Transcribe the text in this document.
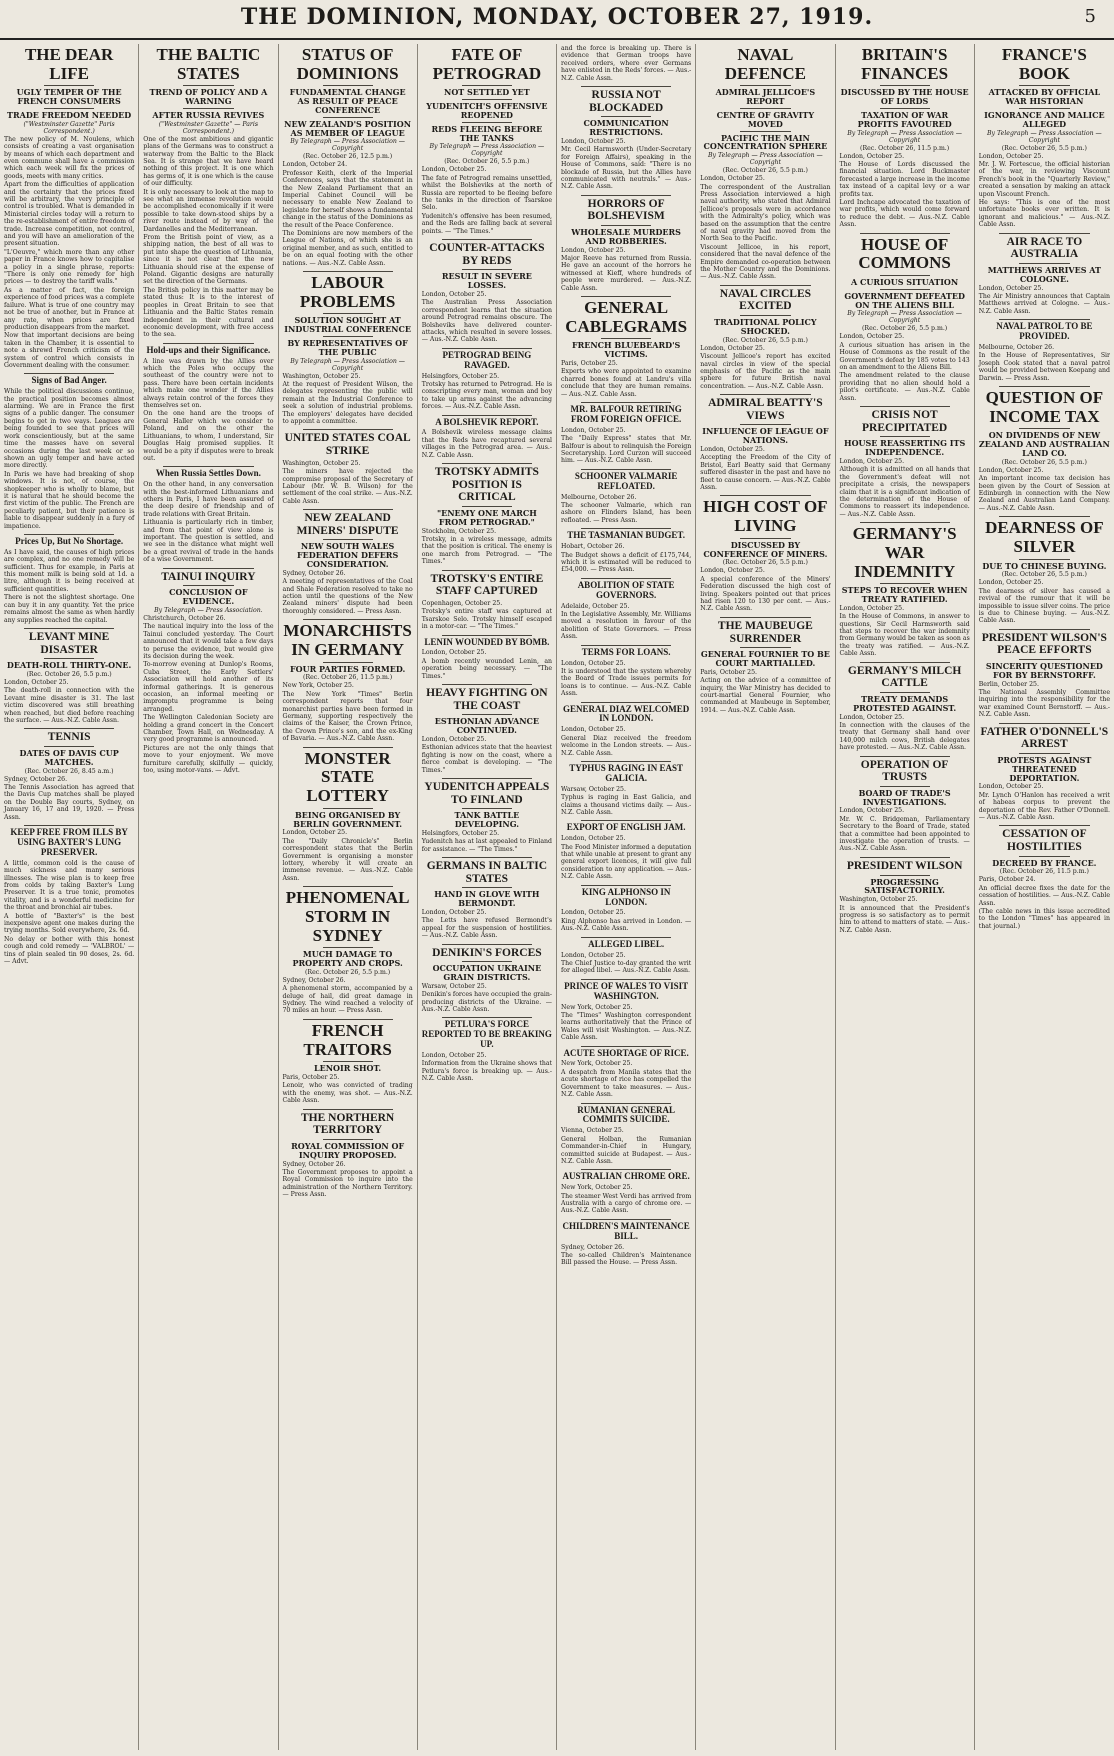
THE DOMINION, MONDAY, OCTOBER 27, 1919.	5
THE DEAR LIFE
UGLY TEMPER OF THE FRENCH CONSUMERS
TRADE FREEDOM NEEDED
("Westminster Gazette" Paris Correspondent.)

The new policy of M. Noulens, which consists of creating a vast organisation by means of which each department and even commune shall have a commission which each week will fix the prices of goods, meets with many critics.

Apart from the difficulties of application and the certainty that the prices fixed will be arbitrary, the very principle of control is troubled. What is demanded in Ministerial circles today will a return to the re-establishment of entire freedom of trade. Increase competition, not control, and you will have an amelioration of the present situation.

"L'Oeuvre," which more than any other paper in France knows how to capitalise a policy in a single phrase, reports: "There is only one remedy for high prices — to destroy the tariff walls."

As a matter of fact, the foreign experience of food prices was a complete failure. What is true of one country may not be true of another, but in France at any rate, when prices are fixed production disappears from the market.

Now that important decisions are being taken in the Chamber, it is essential to note a shrewd French criticism of the system of control which consists in Government dealing with the consumer.

Signs of Bad Anger.

While the political discussions continue, the practical position becomes almost alarming. We are in France the first signs of a public danger. The consumer begins to get in two ways. Leagues are being founded to see that prices will work conscientiously, but at the same time the masses have on several occasions during the last week or so shown an ugly temper and have acted more directly.

In Paris we have had breaking of shop windows. It is not, of course, the shopkeeper who is wholly to blame, but it is natural that he should become the first victim of the public. The French are peculiarly patient, but their patience is liable to disappear suddenly in a fury of impatience.

Prices Up, But No Shortage.

As I have said, the causes of high prices are complex, and no one remedy will be sufficient. Thus for example, in Paris at this moment milk is being sold at 1d. a litre, although it is being received at sufficient quantities.

There is not the slightest shortage. One can buy it in any quantity. Yet the price remains almost the same as when hardly any supplies reached the capital.

LEVANT MINE DISASTER
DEATH-ROLL THIRTY-ONE.
(Rec. October 26, 5.5 p.m.)

London, October 25.

The death-roll in connection with the Levant mine disaster is 31. The last victim discovered was still breathing when reached, but died before reaching the surface. — Aus.-N.Z. Cable Assn.

TENNIS
DATES OF DAVIS CUP MATCHES.
(Rec. October 26, 8.45 a.m.)

Sydney, October 26.

The Tennis Association has agreed that the Davis Cup matches shall be played on the Double Bay courts, Sydney, on January 16, 17 and 19, 1920. — Press Assn.

KEEP FREE FROM ILLS BY USING BAXTER'S LUNG PRESERVER.

A little, common cold is the cause of much sickness and many serious illnesses. The wise plan is to keep free from colds by taking Baxter's Lung Preserver. It is a true tonic, promotes vitality, and is a wonderful medicine for the throat and bronchial air tubes.

A bottle of "Baxter's" is the best inexpensive agent one makes during the trying months. Sold everywhere, 2s. 6d.

No delay or bother with this honest cough and cold remedy — 'VALBROL' — tins of plain sealed tin 90 doses, 2s. 6d. — Advt.

THE BALTIC STATES
TREND OF POLICY AND A WARNING
AFTER RUSSIA REVIVES
("Westminster Gazette" — Paris Correspondent.)

One of the most ambitious and gigantic plans of the Germans was to construct a waterway from the Baltic to the Black Sea. It is strange that we have heard nothing of this project. It is one which has germs of, it is one which is the cause of our difficulty.

It is only necessary to look at the map to see what an immense revolution would be accomplished economically if it were possible to take down-stood ships by a river route instead of by way of the Dardanelles and the Mediterranean.

From the British point of view, as a shipping nation, the best of all was to put into shape the question of Lithuania, since it is not clear that the new Lithuania should rise at the expense of Poland. Gigantic designs are naturally set the direction of the Germans.

The British policy in this matter may be stated thus: It is to the interest of peoples in Great Britain to see that Lithuania and the Baltic States remain independent in their cultural and economic development, with free access to the sea.

Hold-ups and their Significance.

A line was drawn by the Allies over which the Poles who occupy the southeast of the country were not to pass. There have been certain incidents which make one wonder if the Allies always retain control of the forces they themselves set on.

On the one hand are the troops of General Haller which we consider to Poland, and on the other the Lithuanians, to whom, I understand, Sir Douglas Haig promised supplies. It would be a pity if disputes were to break out.

When Russia Settles Down.

On the other hand, in any conversation with the best-informed Lithuanians and others in Paris, I have been assured of the deep desire of friendship and of trade relations with Great Britain.

Lithuania is particularly rich in timber, and from that point of view alone is important. The question is settled, and we see in the distance what might well be a great revival of trade in the hands of a wise Government.

TAINUI INQUIRY
CONCLUSION OF EVIDENCE.
By Telegraph — Press Association.

Christchurch, October 26.

The nautical inquiry into the loss of the Tainui concluded yesterday. The Court announced that it would take a few days to peruse the evidence, but would give its decision during the week.

To-morrow evening at Dunlop's Rooms, Cuba Street, the Early Settlers' Association will hold another of its informal gatherings. It is generous occasion, an informal meeting or impromptu programme is being arranged.

The Wellington Caledonian Society are holding a grand concert in the Concert Chamber, Town Hall, on Wednesday. A very good programme is announced.

Pictures are not the only things that move to your enjoyment. We move furniture carefully, skilfully — quickly, too, using motor-vans. — Advt.

STATUS OF DOMINIONS
FUNDAMENTAL CHANGE AS RESULT OF PEACE CONFERENCE
NEW ZEALAND'S POSITION AS MEMBER OF LEAGUE
By Telegraph — Press Association — Copyright
(Rec. October 26, 12.5 p.m.)

London, October 24.

Professor Keith, clerk of the Imperial Conferences, says that the statement in the New Zealand Parliament that an Imperial Cabinet Council will be necessary to enable New Zealand to legislate for herself shows a fundamental change in the status of the Dominions as the result of the Peace Conference.

The Dominions are now members of the League of Nations, of which she is an original member, and as such, entitled to be on an equal footing with the other nations. — Aus.-N.Z. Cable Assn.

LABOUR PROBLEMS
SOLUTION SOUGHT AT INDUSTRIAL CONFERENCE
BY REPRESENTATIVES OF THE PUBLIC
By Telegraph — Press Association — Copyright

Washington, October 25.

At the request of President Wilson, the delegates representing the public will remain at the Industrial Conference to seek a solution of industrial problems. The employers' delegates have decided to appoint a committee.

UNITED STATES COAL STRIKE

Washington, October 25.

The miners have rejected the compromise proposal of the Secretary of Labour (Mr. W. B. Wilson) for the settlement of the coal strike. — Aus.-N.Z. Cable Assn.

NEW ZEALAND MINERS' DISPUTE
NEW SOUTH WALES FEDERATION DEFERS CONSIDERATION.

Sydney, October 26.

A meeting of representatives of the Coal and Shale Federation resolved to take no action until the questions of the New Zealand miners' dispute had been thoroughly considered. — Press Assn.

MONARCHISTS IN GERMANY
FOUR PARTIES FORMED.
(Rec. October 26, 11.5 p.m.)

New York, October 25.

The New York "Times" Berlin correspondent reports that four monarchist parties have been formed in Germany, supporting respectively the claims of the Kaiser, the Crown Prince, the Crown Prince's son, and the ex-King of Bavaria. — Aus.-N.Z. Cable Assn.

MONSTER STATE LOTTERY
BEING ORGANISED BY BERLIN GOVERNMENT.

London, October 25.

The "Daily Chronicle's" Berlin correspondent states that the Berlin Government is organising a monster lottery, whereby it will create an immense revenue. — Aus.-N.Z. Cable Assn.

PHENOMENAL STORM IN SYDNEY
MUCH DAMAGE TO PROPERTY AND CROPS.
(Rec. October 26, 5.5 p.m.)

Sydney, October 26.

A phenomenal storm, accompanied by a deluge of hail, did great damage in Sydney. The wind reached a velocity of 70 miles an hour. — Press Assn.

FRENCH TRAITORS
LENOIR SHOT.

Paris, October 25.

Lenoir, who was convicted of trading with the enemy, was shot. — Aus.-N.Z. Cable Assn.

THE NORTHERN TERRITORY
ROYAL COMMISSION OF INQUIRY PROPOSED.

Sydney, October 26.

The Government proposes to appoint a Royal Commission to inquire into the administration of the Northern Territory. — Press Assn.

FATE OF PETROGRAD
NOT SETTLED YET
YUDENITCH'S OFFENSIVE REOPENED
REDS FLEEING BEFORE THE TANKS
By Telegraph — Press Association — Copyright
(Rec. October 26, 5.5 p.m.)

London, October 25.

The fate of Petrograd remains unsettled, whilst the Bolsheviks at the north of Russia are reported to be fleeing before the tanks in the direction of Tsarskoe Selo.

Yudenitch's offensive has been resumed, and the Reds are falling back at several points. — "The Times."

COUNTER-ATTACKS BY REDS
RESULT IN SEVERE LOSSES.

London, October 25.

The Australian Press Association correspondent learns that the situation around Petrograd remains obscure. The Bolsheviks have delivered counter-attacks, which resulted in severe losses. — Aus.-N.Z. Cable Assn.

PETROGRAD BEING RAVAGED.

Helsingfors, October 25.

Trotsky has returned to Petrograd. He is conscripting every man, woman and boy to take up arms against the advancing forces. — Aus.-N.Z. Cable Assn.

A BOLSHEVIK REPORT.

A Bolshevik wireless message claims that the Reds have recaptured several villages in the Petrograd area. — Aus.-N.Z. Cable Assn.

TROTSKY ADMITS POSITION IS CRITICAL
"ENEMY ONE MARCH FROM PETROGRAD."

Stockholm, October 25.

Trotsky, in a wireless message, admits that the position is critical. The enemy is one march from Petrograd. — "The Times."

TROTSKY'S ENTIRE STAFF CAPTURED

Copenhagen, October 25.

Trotsky's entire staff was captured at Tsarskoe Selo. Trotsky himself escaped in a motor-car. — "The Times."

LENIN WOUNDED BY BOMB.

London, October 25.

A bomb recently wounded Lenin, an operation being necessary. — "The Times."

HEAVY FIGHTING ON THE COAST
ESTHONIAN ADVANCE CONTINUED.

London, October 25.

Esthonian advices state that the heaviest fighting is now on the coast, where a fierce combat is developing. — "The Times."

YUDENITCH APPEALS TO FINLAND
TANK BATTLE DEVELOPING.

Helsingfors, October 25.

Yudenitch has at last appealed to Finland for assistance. — "The Times."

GERMANS IN BALTIC STATES
HAND IN GLOVE WITH BERMONDT.

London, October 25.

The Letts have refused Bermondt's appeal for the suspension of hostilities. — Aus.-N.Z. Cable Assn.

DENIKIN'S FORCES
OCCUPATION UKRAINE GRAIN DISTRICTS.

Warsaw, October 25.

Denikin's forces have occupied the grain-producing districts of the Ukraine. — Aus.-N.Z. Cable Assn.

PETLURA'S FORCE REPORTED TO BE BREAKING UP.

London, October 25.

Information from the Ukraine shows that Petlura's force is breaking up. — Aus.-N.Z. Cable Assn.

and the force is breaking up. There is evidence that German troops have received orders, where ever Germans have enlisted in the Reds' forces. — Aus.-N.Z. Cable Assn.

RUSSIA NOT BLOCKADED
COMMUNICATION RESTRICTIONS.

London, October 25.

Mr. Cecil Harmsworth (Under-Secretary for Foreign Affairs), speaking in the House of Commons, said: "There is no blockade of Russia, but the Allies have communicated with neutrals." — Aus.-N.Z. Cable Assn.

HORRORS OF BOLSHEVISM
WHOLESALE MURDERS AND ROBBERIES.

London, October 25.

Major Reeve has returned from Russia. He gave an account of the horrors he witnessed at Kieff, where hundreds of people were murdered. — Aus.-N.Z. Cable Assn.

GENERAL CABLEGRAMS
FRENCH BLUEBEARD'S VICTIMS.

Paris, October 25.

Experts who were appointed to examine charred bones found at Landru's villa conclude that they are human remains. — Aus.-N.Z. Cable Assn.

MR. BALFOUR RETIRING FROM FOREIGN OFFICE.

London, October 25.

The "Daily Express" states that Mr. Balfour is about to relinquish the Foreign Secretaryship. Lord Curzon will succeed him. — Aus.-N.Z. Cable Assn.

SCHOONER VALMARIE REFLOATED.

Melbourne, October 26.

The schooner Valmarie, which ran ashore on Flinders Island, has been refloated. — Press Assn.

THE TASMANIAN BUDGET.

Hobart, October 26.

The Budget shows a deficit of £175,744, which it is estimated will be reduced to £54,000. — Press Assn.

ABOLITION OF STATE GOVERNORS.

Adelaide, October 25.

In the Legislative Assembly, Mr. Williams moved a resolution in favour of the abolition of State Governors. — Press Assn.

TERMS FOR LOANS.

London, October 25.

It is understood that the system whereby the Board of Trade issues permits for loans is to continue. — Aus.-N.Z. Cable Assn.

GENERAL DIAZ WELCOMED IN LONDON.

London, October 25.

General Diaz received the freedom welcome in the London streets. — Aus.-N.Z. Cable Assn.

TYPHUS RAGING IN EAST GALICIA.

Warsaw, October 25.

Typhus is raging in East Galicia, and claims a thousand victims daily. — Aus.-N.Z. Cable Assn.

EXPORT OF ENGLISH JAM.

London, October 25.

The Food Minister informed a deputation that while unable at present to grant any general export licences, it will give full consideration to any application. — Aus.-N.Z. Cable Assn.

KING ALPHONSO IN LONDON.

London, October 25.

King Alphonso has arrived in London. — Aus.-N.Z. Cable Assn.

ALLEGED LIBEL.

London, October 25.

The Chief Justice to-day granted the writ for alleged libel. — Aus.-N.Z. Cable Assn.

PRINCE OF WALES TO VISIT WASHINGTON.

New York, October 25.

The "Times" Washington correspondent learns authoritatively that the Prince of Wales will visit Washington. — Aus.-N.Z. Cable Assn.

ACUTE SHORTAGE OF RICE.

New York, October 25.

A despatch from Manila states that the acute shortage of rice has compelled the Government to take measures. — Aus.-N.Z. Cable Assn.

RUMANIAN GENERAL COMMITS SUICIDE.

Vienna, October 25.

General Holban, the Rumanian Commander-in-Chief in Hungary, committed suicide at Budapest. — Aus.-N.Z. Cable Assn.

AUSTRALIAN CHROME ORE.

New York, October 25.

The steamer West Verdi has arrived from Australia with a cargo of chrome ore. — Aus.-N.Z. Cable Assn.

CHILDREN'S MAINTENANCE BILL.

Sydney, October 26.

The so-called Children's Maintenance Bill passed the House. — Press Assn.

NAVAL DEFENCE
ADMIRAL JELLICOE'S REPORT
CENTRE OF GRAVITY MOVED
PACIFIC THE MAIN CONCENTRATION SPHERE
By Telegraph — Press Association — Copyright
(Rec. October 26, 5.5 p.m.)

London, October 25.

The correspondent of the Australian Press Association interviewed a high naval authority, who stated that Admiral Jellicoe's proposals were in accordance with the Admiralty's policy, which was based on the assumption that the centre of naval gravity had moved from the North Sea to the Pacific.

Viscount Jellicoe, in his report, considered that the naval defence of the Empire demanded co-operation between the Mother Country and the Dominions. — Aus.-N.Z. Cable Assn.

NAVAL CIRCLES EXCITED
TRADITIONAL POLICY SHOCKED.
(Rec. October 26, 5.5 p.m.)

London, October 25.

Viscount Jellicoe's report has excited naval circles in view of the special emphasis of the Pacific as the main sphere for future British naval concentration. — Aus.-N.Z. Cable Assn.

ADMIRAL BEATTY'S VIEWS
INFLUENCE OF LEAGUE OF NATIONS.

London, October 25.

Accepting the Freedom of the City of Bristol, Earl Beatty said that Germany suffered disaster in the past and have no fleet to cause concern. — Aus.-N.Z. Cable Assn.

HIGH COST OF LIVING
DISCUSSED BY CONFERENCE OF MINERS.
(Rec. October 26, 5.5 p.m.)

London, October 25.

A special conference of the Miners' Federation discussed the high cost of living. Speakers pointed out that prices had risen 120 to 130 per cent. — Aus.-N.Z. Cable Assn.

THE MAUBEUGE SURRENDER
GENERAL FOURNIER TO BE COURT MARTIALLED.

Paris, October 25.

Acting on the advice of a committee of inquiry, the War Ministry has decided to court-martial General Fournier, who commanded at Maubeuge in September, 1914. — Aus.-N.Z. Cable Assn.

BRITAIN'S FINANCES
DISCUSSED BY THE HOUSE OF LORDS
TAXATION OF WAR PROFITS FAVOURED
By Telegraph — Press Association — Copyright
(Rec. October 26, 11.5 p.m.)

London, October 25.

The House of Lords discussed the financial situation. Lord Buckmaster forecasted a large increase in the income tax instead of a capital levy or a war profits tax.

Lord Inchcape advocated the taxation of war profits, which would come forward to reduce the debt. — Aus.-N.Z. Cable Assn.

HOUSE OF COMMONS
A CURIOUS SITUATION
GOVERNMENT DEFEATED ON THE ALIENS BILL
By Telegraph — Press Association — Copyright
(Rec. October 26, 5.5 p.m.)

London, October 25.

A curious situation has arisen in the House of Commons as the result of the Government's defeat by 185 votes to 143 on an amendment to the Aliens Bill.

The amendment related to the clause providing that no alien should hold a pilot's certificate. — Aus.-N.Z. Cable Assn.

CRISIS NOT PRECIPITATED
HOUSE REASSERTING ITS INDEPENDENCE.

London, October 25.

Although it is admitted on all hands that the Government's defeat will not precipitate a crisis, the newspapers claim that it is a significant indication of the determination of the House of Commons to reassert its independence. — Aus.-N.Z. Cable Assn.

GERMANY'S WAR INDEMNITY
STEPS TO RECOVER WHEN TREATY RATIFIED.

London, October 25.

In the House of Commons, in answer to questions, Sir Cecil Harmsworth said that steps to recover the war indemnity from Germany would be taken as soon as the treaty was ratified. — Aus.-N.Z. Cable Assn.

GERMANY'S MILCH CATTLE
TREATY DEMANDS PROTESTED AGAINST.

London, October 25.

In connection with the clauses of the treaty that Germany shall hand over 140,000 milch cows, British delegates have protested. — Aus.-N.Z. Cable Assn.

OPERATION OF TRUSTS
BOARD OF TRADE'S INVESTIGATIONS.

London, October 25.

Mr. W. C. Bridgeman, Parliamentary Secretary to the Board of Trade, stated that a committee had been appointed to investigate the operation of trusts. — Aus.-N.Z. Cable Assn.

PRESIDENT WILSON
PROGRESSING SATISFACTORILY.

Washington, October 25.

It is announced that the President's progress is so satisfactory as to permit him to attend to matters of state. — Aus.-N.Z. Cable Assn.

FRANCE'S BOOK
ATTACKED BY OFFICIAL WAR HISTORIAN
IGNORANCE AND MALICE ALLEGED
By Telegraph — Press Association — Copyright
(Rec. October 26, 5.5 p.m.)

London, October 25.

Mr. J. W. Fortescue, the official historian of the war, in reviewing Viscount French's book in the "Quarterly Review," created a sensation by making an attack upon Viscount French.

He says: "This is one of the most unfortunate books ever written. It is ignorant and malicious." — Aus.-N.Z. Cable Assn.

AIR RACE TO AUSTRALIA
MATTHEWS ARRIVES AT COLOGNE.

London, October 25.

The Air Ministry announces that Captain Matthews arrived at Cologne. — Aus.-N.Z. Cable Assn.

NAVAL PATROL TO BE PROVIDED.

Melbourne, October 26.

In the House of Representatives, Sir Joseph Cook stated that a naval patrol would be provided between Koepang and Darwin. — Press Assn.

QUESTION OF INCOME TAX
ON DIVIDENDS OF NEW ZEALAND AND AUSTRALIAN LAND CO.
(Rec. October 26, 5.5 p.m.)

London, October 25.

An important income tax decision has been given by the Court of Session at Edinburgh in connection with the New Zealand and Australian Land Company. — Aus.-N.Z. Cable Assn.

DEARNESS OF SILVER
DUE TO CHINESE BUYING.
(Rec. October 26, 5.5 p.m.)

London, October 25.

The dearness of silver has caused a revival of the rumour that it will be impossible to issue silver coins. The price is due to Chinese buying. — Aus.-N.Z. Cable Assn.

PRESIDENT WILSON'S PEACE EFFORTS
SINCERITY QUESTIONED FOR BY BERNSTORFF.

Berlin, October 25.

The National Assembly Committee inquiring into the responsibility for the war examined Count Bernstorff. — Aus.-N.Z. Cable Assn.

FATHER O'DONNELL'S ARREST
PROTESTS AGAINST THREATENED DEPORTATION.

London, October 25.

Mr. Lynch O'Hanlon has received a writ of habeas corpus to prevent the deportation of the Rev. Father O'Donnell. — Aus.-N.Z. Cable Assn.

CESSATION OF HOSTILITIES
DECREED BY FRANCE.
(Rec. October 26, 11.5 p.m.)

Paris, October 24.

An official decree fixes the date for the cessation of hostilities. — Aus.-N.Z. Cable Assn.

(The cable news in this issue accredited to the London "Times" has appeared in that journal.)
